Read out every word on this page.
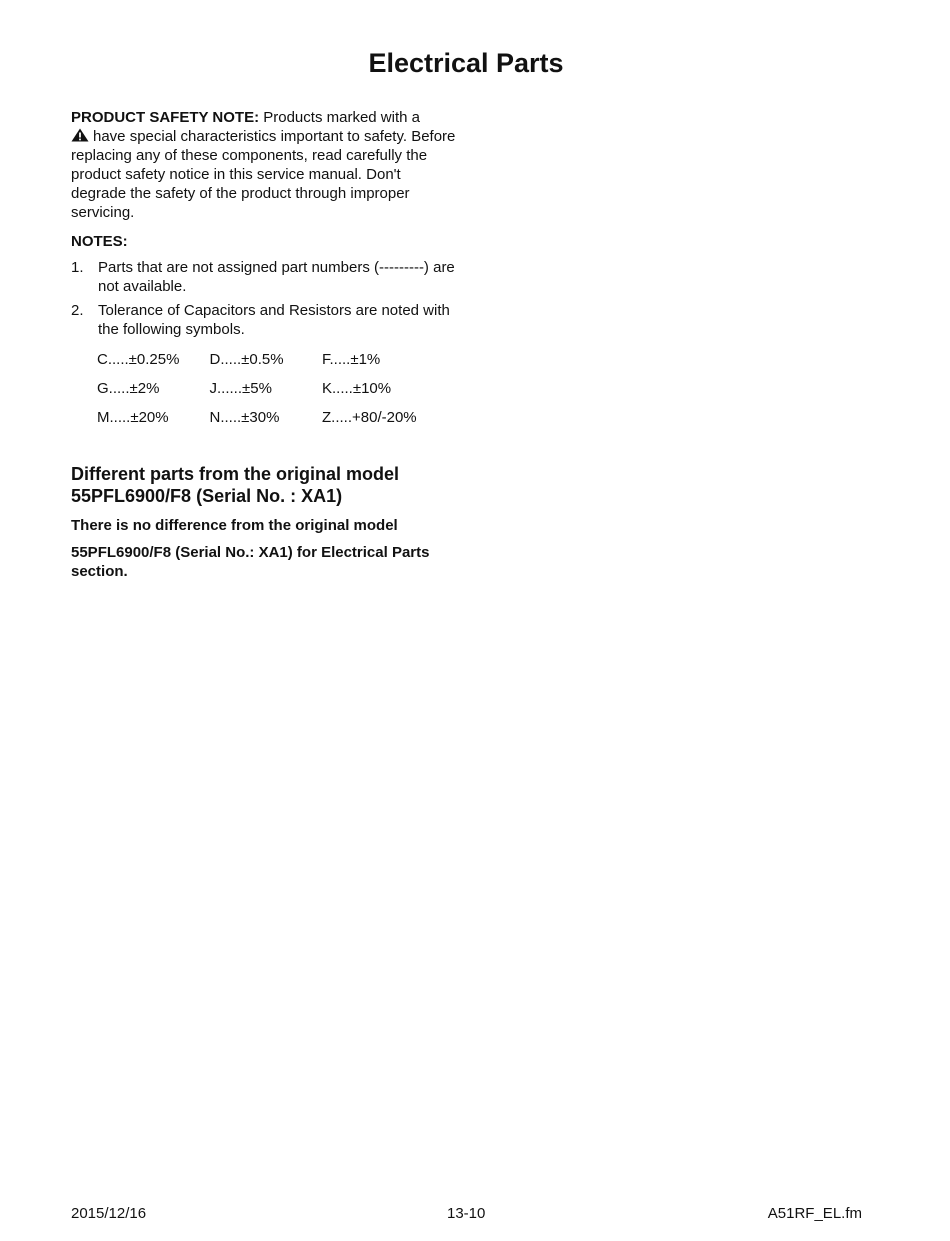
Electrical Parts
PRODUCT SAFETY NOTE: Products marked with a
have special characteristics important to safety. Before replacing any of these components, read carefully the product safety notice in this service manual. Don't degrade the safety of the product through improper servicing.
NOTES:
1. Parts that are not assigned part numbers (---------) are not available.
2. Tolerance of Capacitors and Resistors are noted with the following symbols.
C.....±0.25%	D.....±0.5%	F.....±1%
G.....±2%	J......±5%	K.....±10%
M.....±20%	N.....±30%	Z.....+80/-20%
Different parts from the original model
55PFL6900/F8 (Serial No. : XA1)

There is no difference from the original model

55PFL6900/F8 (Serial No.: XA1) for Electrical Parts section.

2015/12/16	13-10	A51RF_EL.fm
